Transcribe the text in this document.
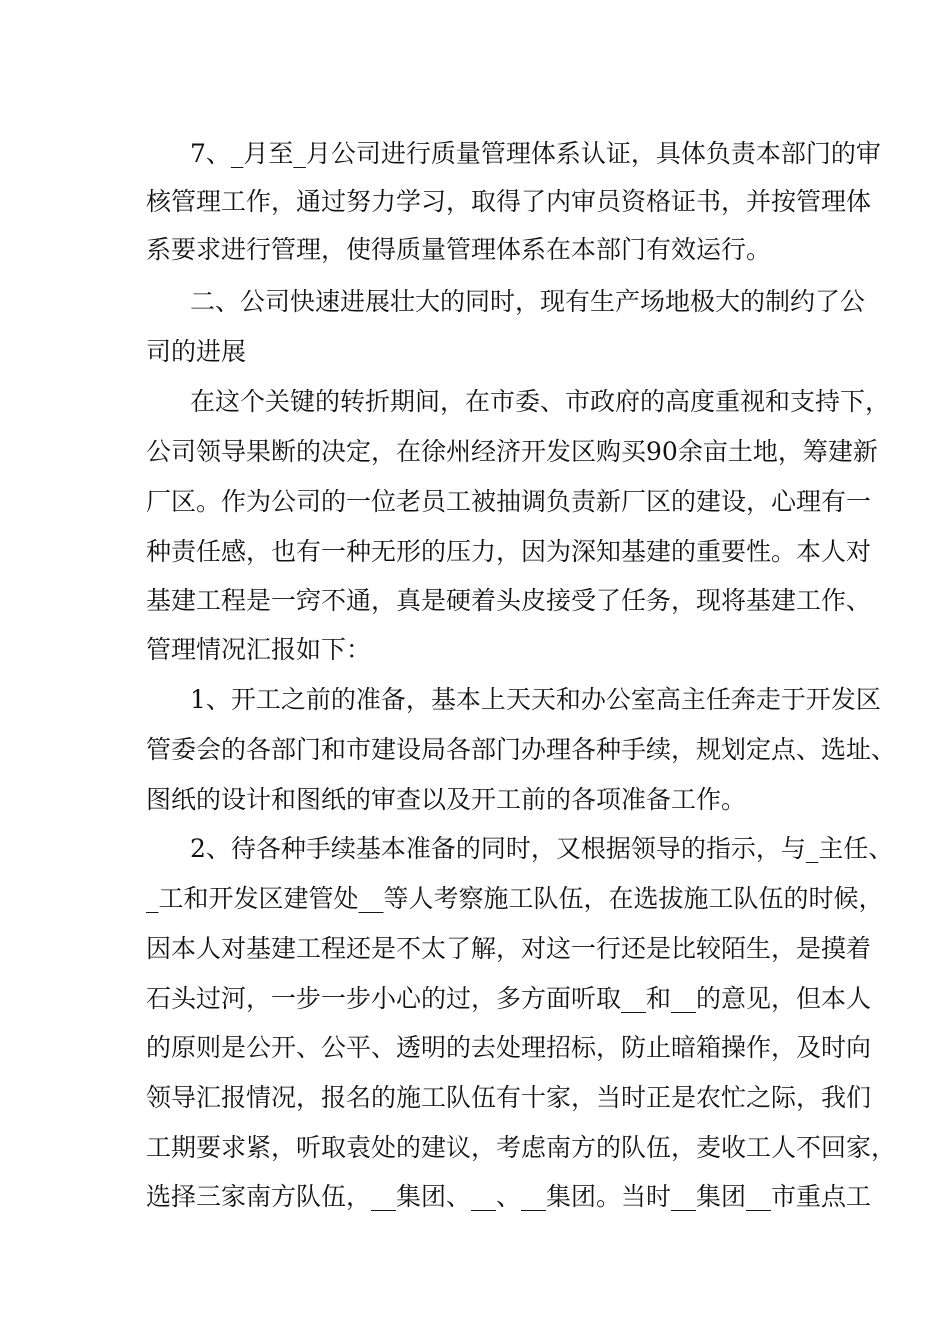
7、_月至_月公司进行质量管理体系认证，具体负责本部门的审
核管理工作，通过努力学习，取得了内审员资格证书，并按管理体
系要求进行管理，使得质量管理体系在本部门有效运行。
二、公司快速进展壮大的同时，现有生产场地极大的制约了公
司的进展
在这个关键的转折期间，在市委、市政府的高度重视和支持下，
公司领导果断的决定，在徐州经济开发区购买90余亩土地，筹建新
厂区。作为公司的一位老员工被抽调负责新厂区的建设，心理有一
种责任感，也有一种无形的压力，因为深知基建的重要性。本人对
基建工程是一窍不通，真是硬着头皮接受了任务，现将基建工作、
管理情况汇报如下：
1、开工之前的准备，基本上天天和办公室高主任奔走于开发区
管委会的各部门和市建设局各部门办理各种手续，规划定点、选址、
图纸的设计和图纸的审查以及开工前的各项准备工作。
2、待各种手续基本准备的同时，又根据领导的指示，与_主任、
_工和开发区建管处__等人考察施工队伍，在选拔施工队伍的时候，
因本人对基建工程还是不太了解，对这一行还是比较陌生，是摸着
石头过河，一步一步小心的过，多方面听取__和__的意见，但本人
的原则是公开、公平、透明的去处理招标，防止暗箱操作，及时向
领导汇报情况，报名的施工队伍有十家，当时正是农忙之际，我们
工期要求紧，听取袁处的建议，考虑南方的队伍，麦收工人不回家，
选择三家南方队伍，__集团、__、__集团。当时__集团__市重点工
